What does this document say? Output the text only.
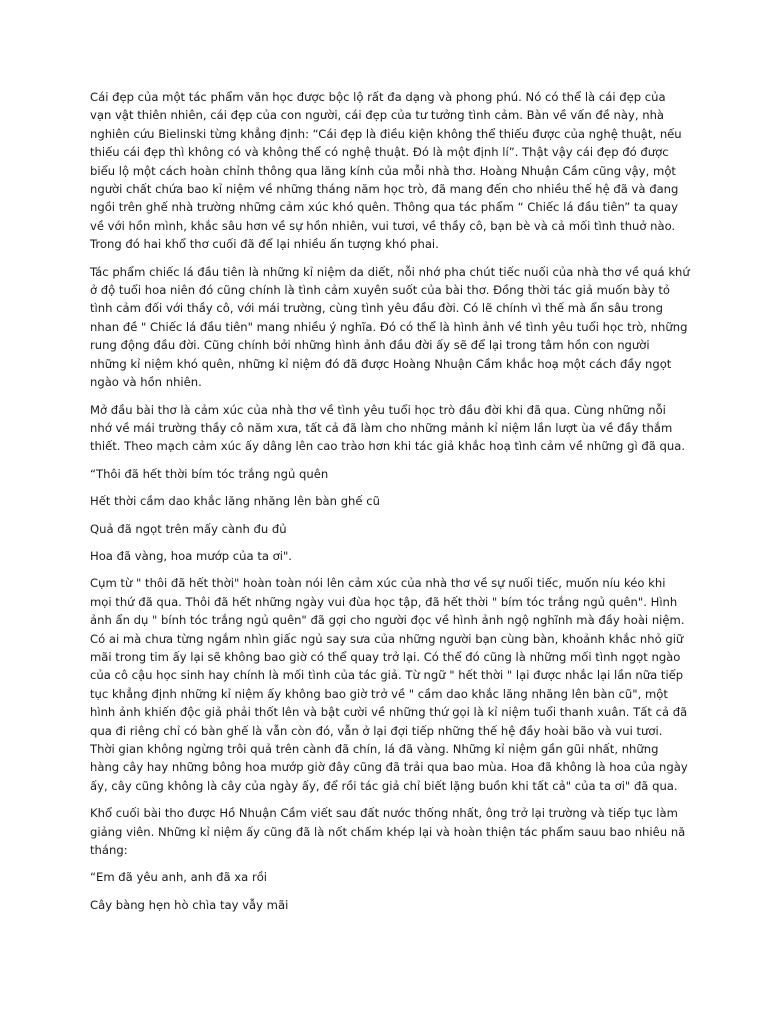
Cái đẹp của một tác phẩm văn học được bộc lộ rất đa dạng và phong phú. Nó có thể là cái đẹp của vạn vật thiên nhiên, cái đẹp của con người, cái đẹp của tư tưởng tình cảm. Bàn về vấn đề này, nhà nghiên cứu Bielinski từng khẳng định: “Cái đẹp là điều kiện không thể thiếu được của nghệ thuật, nếu thiếu cái đẹp thì không có và không thể có nghệ thuật. Đó là một định lí”. Thật vậy cái đẹp đó được biểu lộ một cách hoàn chỉnh thông qua lăng kính của mỗi nhà thơ. Hoàng Nhuận Cầm cũng vậy, một người chất chứa bao kỉ niệm về những tháng năm học trò, đã mang đến cho nhiều thế hệ đã và đang ngồi trên ghế nhà trường những cảm xúc khó quên. Thông qua tác phẩm “ Chiếc lá đầu tiên” ta quay về với hồn mình, khắc sâu hơn về sự hồn nhiên, vui tươi, về thầy cô, bạn bè và cả mối tình thuở nào. Trong đó hai khổ thơ cuối đã để lại nhiều ấn tượng khó phai.

Tác phẩm chiếc lá đầu tiên là những kỉ niệm da diết, nỗi nhớ pha chút tiếc nuối của nhà thơ về quá khứ ở độ tuổi hoa niên đó cũng chính là tình cảm xuyên suốt của bài thơ. Đồng thời tác giả muốn bày tỏ tình cảm đối với thầy cô, với mái trường, cùng tình yêu đầu đời. Có lẽ chính vì thế mà ẩn sâu trong nhan đề " Chiếc lá đầu tiên" mang nhiều ý nghĩa. Đó có thể là hình ảnh về tình yêu tuổi học trò, những rung động đầu đời. Cũng chính bởi những hình ảnh đầu đời ấy sẽ để lại trong tâm hồn con người những kỉ niệm khó quên, những kỉ niệm đó đã được Hoàng Nhuận Cầm khắc hoạ một cách đầy ngọt ngào và hồn nhiên.

Mở đầu bài thơ là cảm xúc của nhà thơ về tình yêu tuổi học trò đầu đời khi đã qua. Cùng những nỗi nhớ về mái trường thầy cô năm xưa, tất cả đã làm cho những mảnh kỉ niệm lần lượt ùa về đầy thắm thiết. Theo mạch cảm xúc ấy dâng lên cao trào hơn khi tác giả khắc hoạ tình cảm về những gì đã qua.

“Thôi đã hết thời bím tóc trắng ngủ quên

Hết thời cầm dao khắc lăng nhăng lên bàn ghế cũ

Quả đã ngọt trên mấy cành đu đủ

Hoa đã vàng, hoa mướp của ta ơi".

Cụm từ " thôi đã hết thời" hoàn toàn nói lên cảm xúc của nhà thơ về sự nuối tiếc, muốn níu kéo khi mọi thứ đã qua. Thôi đã hết những ngày vui đùa học tập, đã hết thời " bím tóc trắng ngủ quên". Hình ảnh ẩn dụ " bính tóc trắng ngủ quên" đã gợi cho người đọc về hình ảnh ngộ nghĩnh mà đầy hoài niệm. Có ai mà chưa từng ngắm nhìn giấc ngủ say sưa của những người bạn cùng bàn, khoảnh khắc nhỏ giữ mãi trong tim ấy lại sẽ không bao giờ có thể quay trở lại. Có thể đó cũng là những mối tình ngọt ngào của cô cậu học sinh hay chính là mối tình của tác giả. Từ ngữ " hết thời " lại được nhắc lại lần nữa tiếp tục khẳng định những kỉ niệm ấy không bao giờ trở về " cầm dao khắc lăng nhăng lên bàn cũ", một hình ảnh khiến độc giả phải thốt lên và bật cười về những thứ gọi là kỉ niệm tuổi thanh xuân. Tất cả đã qua đi riêng chỉ có bàn ghế là vẫn còn đó, vẫn ở lại đợi tiếp những thế hệ đầy hoài bão và vui tươi. Thời gian không ngừng trôi quả trên cành đã chín, lá đã vàng. Những kỉ niệm gần gũi nhất, những hàng cây hay những bông hoa mướp giờ đây cũng đã trải qua bao mùa. Hoa đã không là hoa của ngày ấy, cây cũng không là cây của ngày ấy, để rồi tác giả chỉ biết lặng buồn khi tất cả" của ta ơi" đã qua.

Khổ cuối bài tho được Hồ Nhuận Cầm viết sau đất nước thống nhất, ông trở lại trường và tiếp tục làm giảng viên. Những kỉ niệm ấy cũng đã là nốt chấm khép lại và hoàn thiện tác phẩm sauu bao nhiêu nă tháng:

“Em đã yêu anh, anh đã xa rồi

Cây bàng hẹn hò chìa tay vẫy mãi
